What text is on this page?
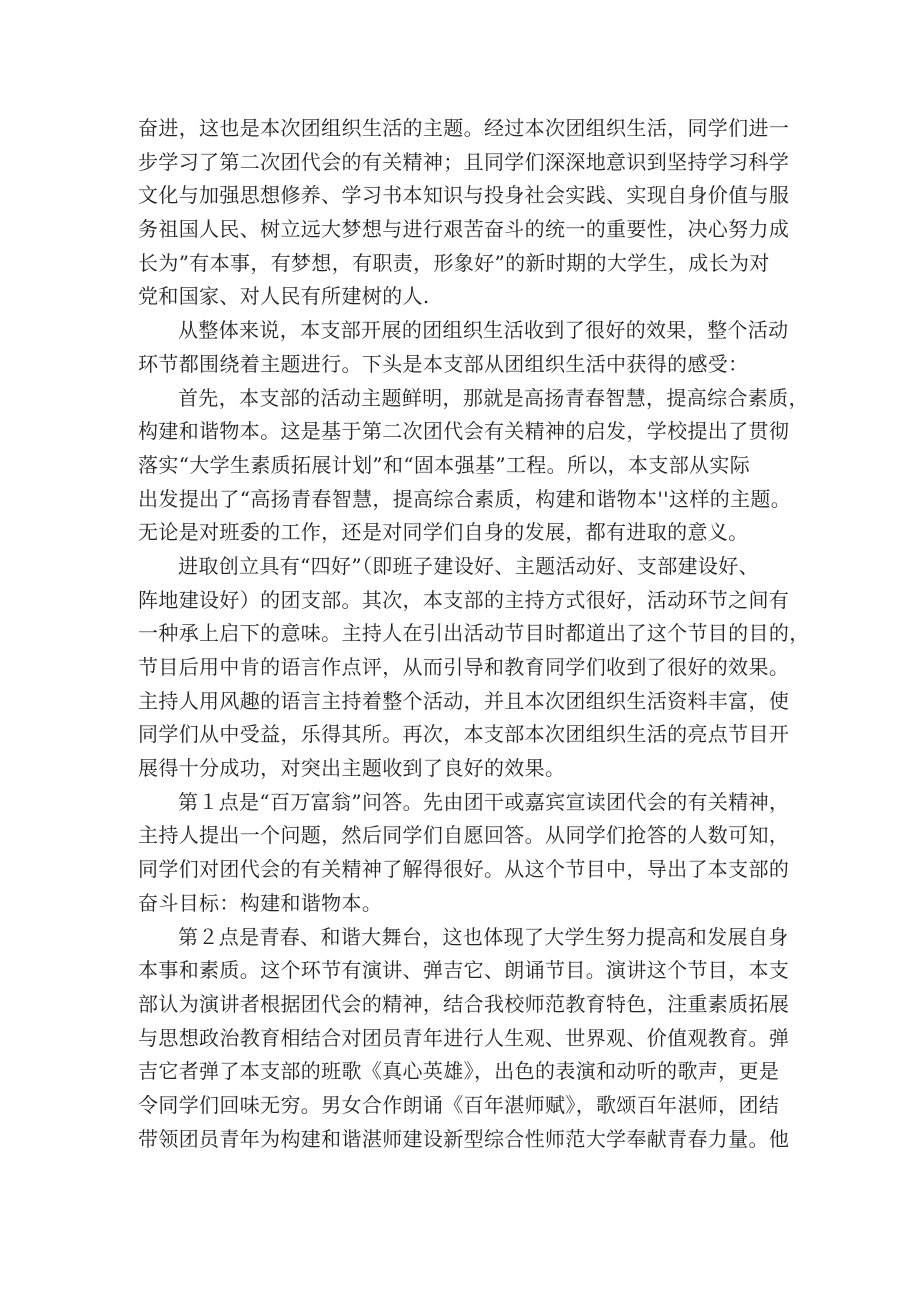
奋进，这也是本次团组织生活的主题。经过本次团组织生活，同学们进一
步学习了第二次团代会的有关精神；且同学们深深地意识到坚持学习科学
文化与加强思想修养、学习书本知识与投身社会实践、实现自身价值与服
务祖国人民、树立远大梦想与进行艰苦奋斗的统一的重要性，决心努力成
长为”有本事，有梦想，有职责，形象好”的新时期的大学生，成长为对
党和国家、对人民有所建树的人.
从整体来说，本支部开展的团组织生活收到了很好的效果，整个活动
环节都围绕着主题进行。下头是本支部从团组织生活中获得的感受：
首先，本支部的活动主题鲜明，那就是高扬青春智慧，提高综合素质，
构建和谐物本。这是基于第二次团代会有关精神的启发，学校提出了贯彻
落实“大学生素质拓展计划”和“固本强基”工程。所以，本支部从实际
出发提出了“高扬青春智慧，提高综合素质，构建和谐物本''这样的主题。
无论是对班委的工作，还是对同学们自身的发展，都有进取的意义。
进取创立具有“四好”（即班子建设好、主题活动好、支部建设好、
阵地建设好）的团支部。其次，本支部的主持方式很好，活动环节之间有
一种承上启下的意味。主持人在引出活动节目时都道出了这个节目的目的，
节目后用中肯的语言作点评，从而引导和教育同学们收到了很好的效果。
主持人用风趣的语言主持着整个活动，并且本次团组织生活资料丰富，使
同学们从中受益，乐得其所。再次，本支部本次团组织生活的亮点节目开
展得十分成功，对突出主题收到了良好的效果。
第１点是“百万富翁”问答。先由团干或嘉宾宣读团代会的有关精神，
主持人提出一个问题，然后同学们自愿回答。从同学们抢答的人数可知，
同学们对团代会的有关精神了解得很好。从这个节目中，导出了本支部的
奋斗目标：构建和谐物本。
第２点是青春、和谐大舞台，这也体现了大学生努力提高和发展自身
本事和素质。这个环节有演讲、弹吉它、朗诵节目。演讲这个节目，本支
部认为演讲者根据团代会的精神，结合我校师范教育特色，注重素质拓展
与思想政治教育相结合对团员青年进行人生观、世界观、价值观教育。弹
吉它者弹了本支部的班歌《真心英雄》，出色的表演和动听的歌声，更是
令同学们回味无穷。男女合作朗诵《百年湛师赋》，歌颂百年湛师，团结
带领团员青年为构建和谐湛师建设新型综合性师范大学奉献青春力量。他
